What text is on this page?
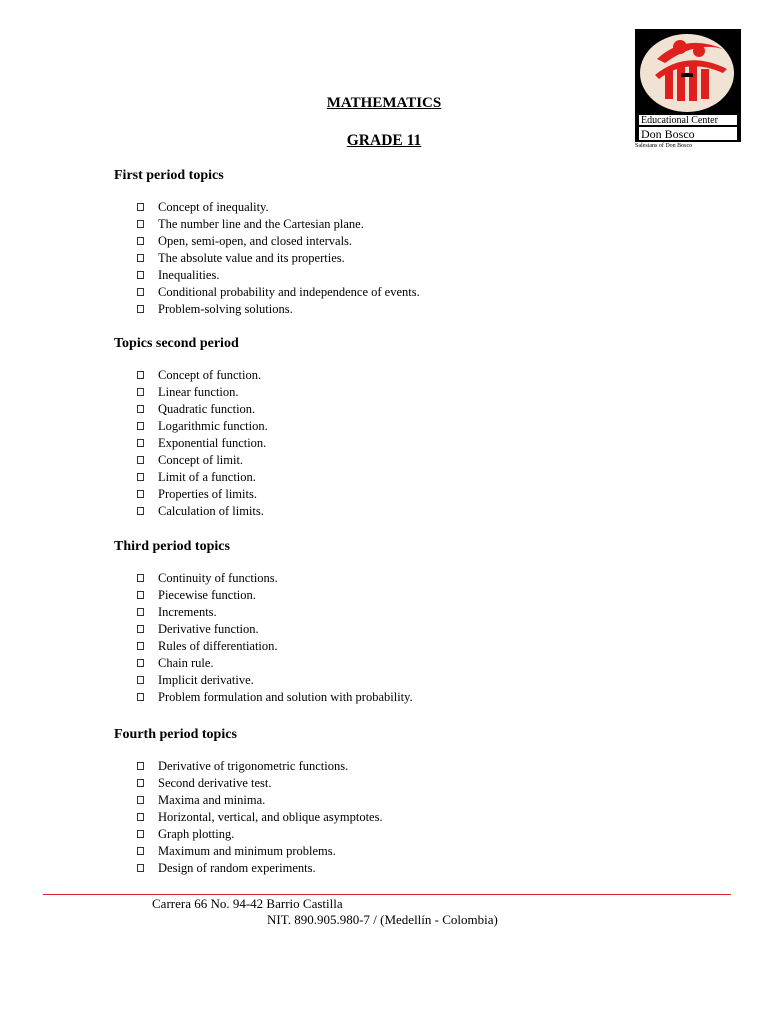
MATHEMATICS
GRADE 11
Educational Center
Don Bosco
Salesians of Don Bosco
First period topics
Concept of inequality.
The number line and the Cartesian plane.
Open, semi-open, and closed intervals.
The absolute value and its properties.
Inequalities.
Conditional probability and independence of events.
Problem-solving solutions.
Topics second period
Concept of function.
Linear function.
Quadratic function.
Logarithmic function.
Exponential function.
Concept of limit.
Limit of a function.
Properties of limits.
Calculation of limits.
Third period topics
Continuity of functions.
Piecewise function.
Increments.
Derivative function.
Rules of differentiation.
Chain rule.
Implicit derivative.
Problem formulation and solution with probability.
Fourth period topics
Derivative of trigonometric functions.
Second derivative test.
Maxima and minima.
Horizontal, vertical, and oblique asymptotes.
Graph plotting.
Maximum and minimum problems.
Design of random experiments.
Carrera 66 No. 94-42 Barrio Castilla
NIT. 890.905.980-7 / (Medellín - Colombia)
